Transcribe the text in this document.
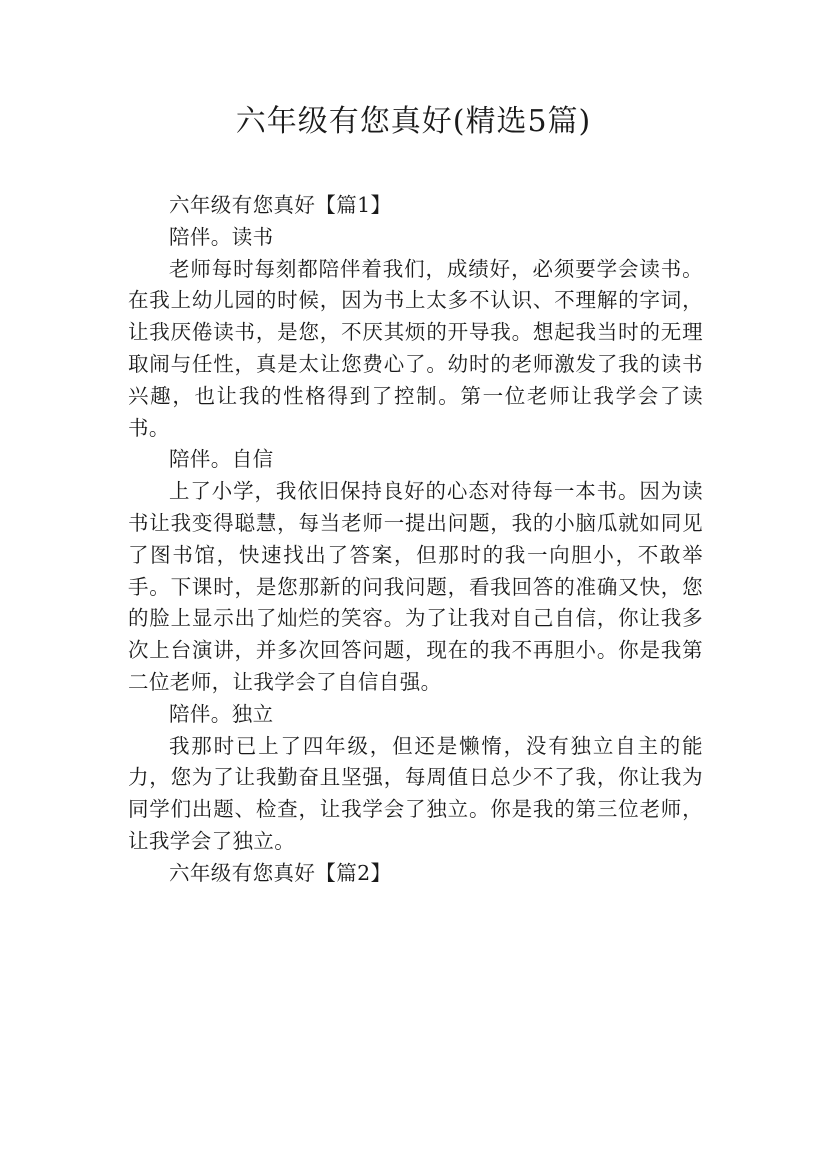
六年级有您真好(精选5篇)

六年级有您真好【篇1】

陪伴。读书

老师每时每刻都陪伴着我们，成绩好，必须要学会读书。在我上幼儿园的时候，因为书上太多不认识、不理解的字词，让我厌倦读书，是您，不厌其烦的开导我。想起我当时的无理取闹与任性，真是太让您费心了。幼时的老师激发了我的读书兴趣，也让我的性格得到了控制。第一位老师让我学会了读书。

陪伴。自信

上了小学，我依旧保持良好的心态对待每一本书。因为读书让我变得聪慧，每当老师一提出问题，我的小脑瓜就如同见了图书馆，快速找出了答案，但那时的我一向胆小，不敢举手。下课时，是您那新的问我问题，看我回答的准确又快，您的脸上显示出了灿烂的笑容。为了让我对自己自信，你让我多次上台演讲，并多次回答问题，现在的我不再胆小。你是我第二位老师，让我学会了自信自强。

陪伴。独立

我那时已上了四年级，但还是懒惰，没有独立自主的能力，您为了让我勤奋且坚强，每周值日总少不了我，你让我为同学们出题、检查，让我学会了独立。你是我的第三位老师，让我学会了独立。

六年级有您真好【篇2】
